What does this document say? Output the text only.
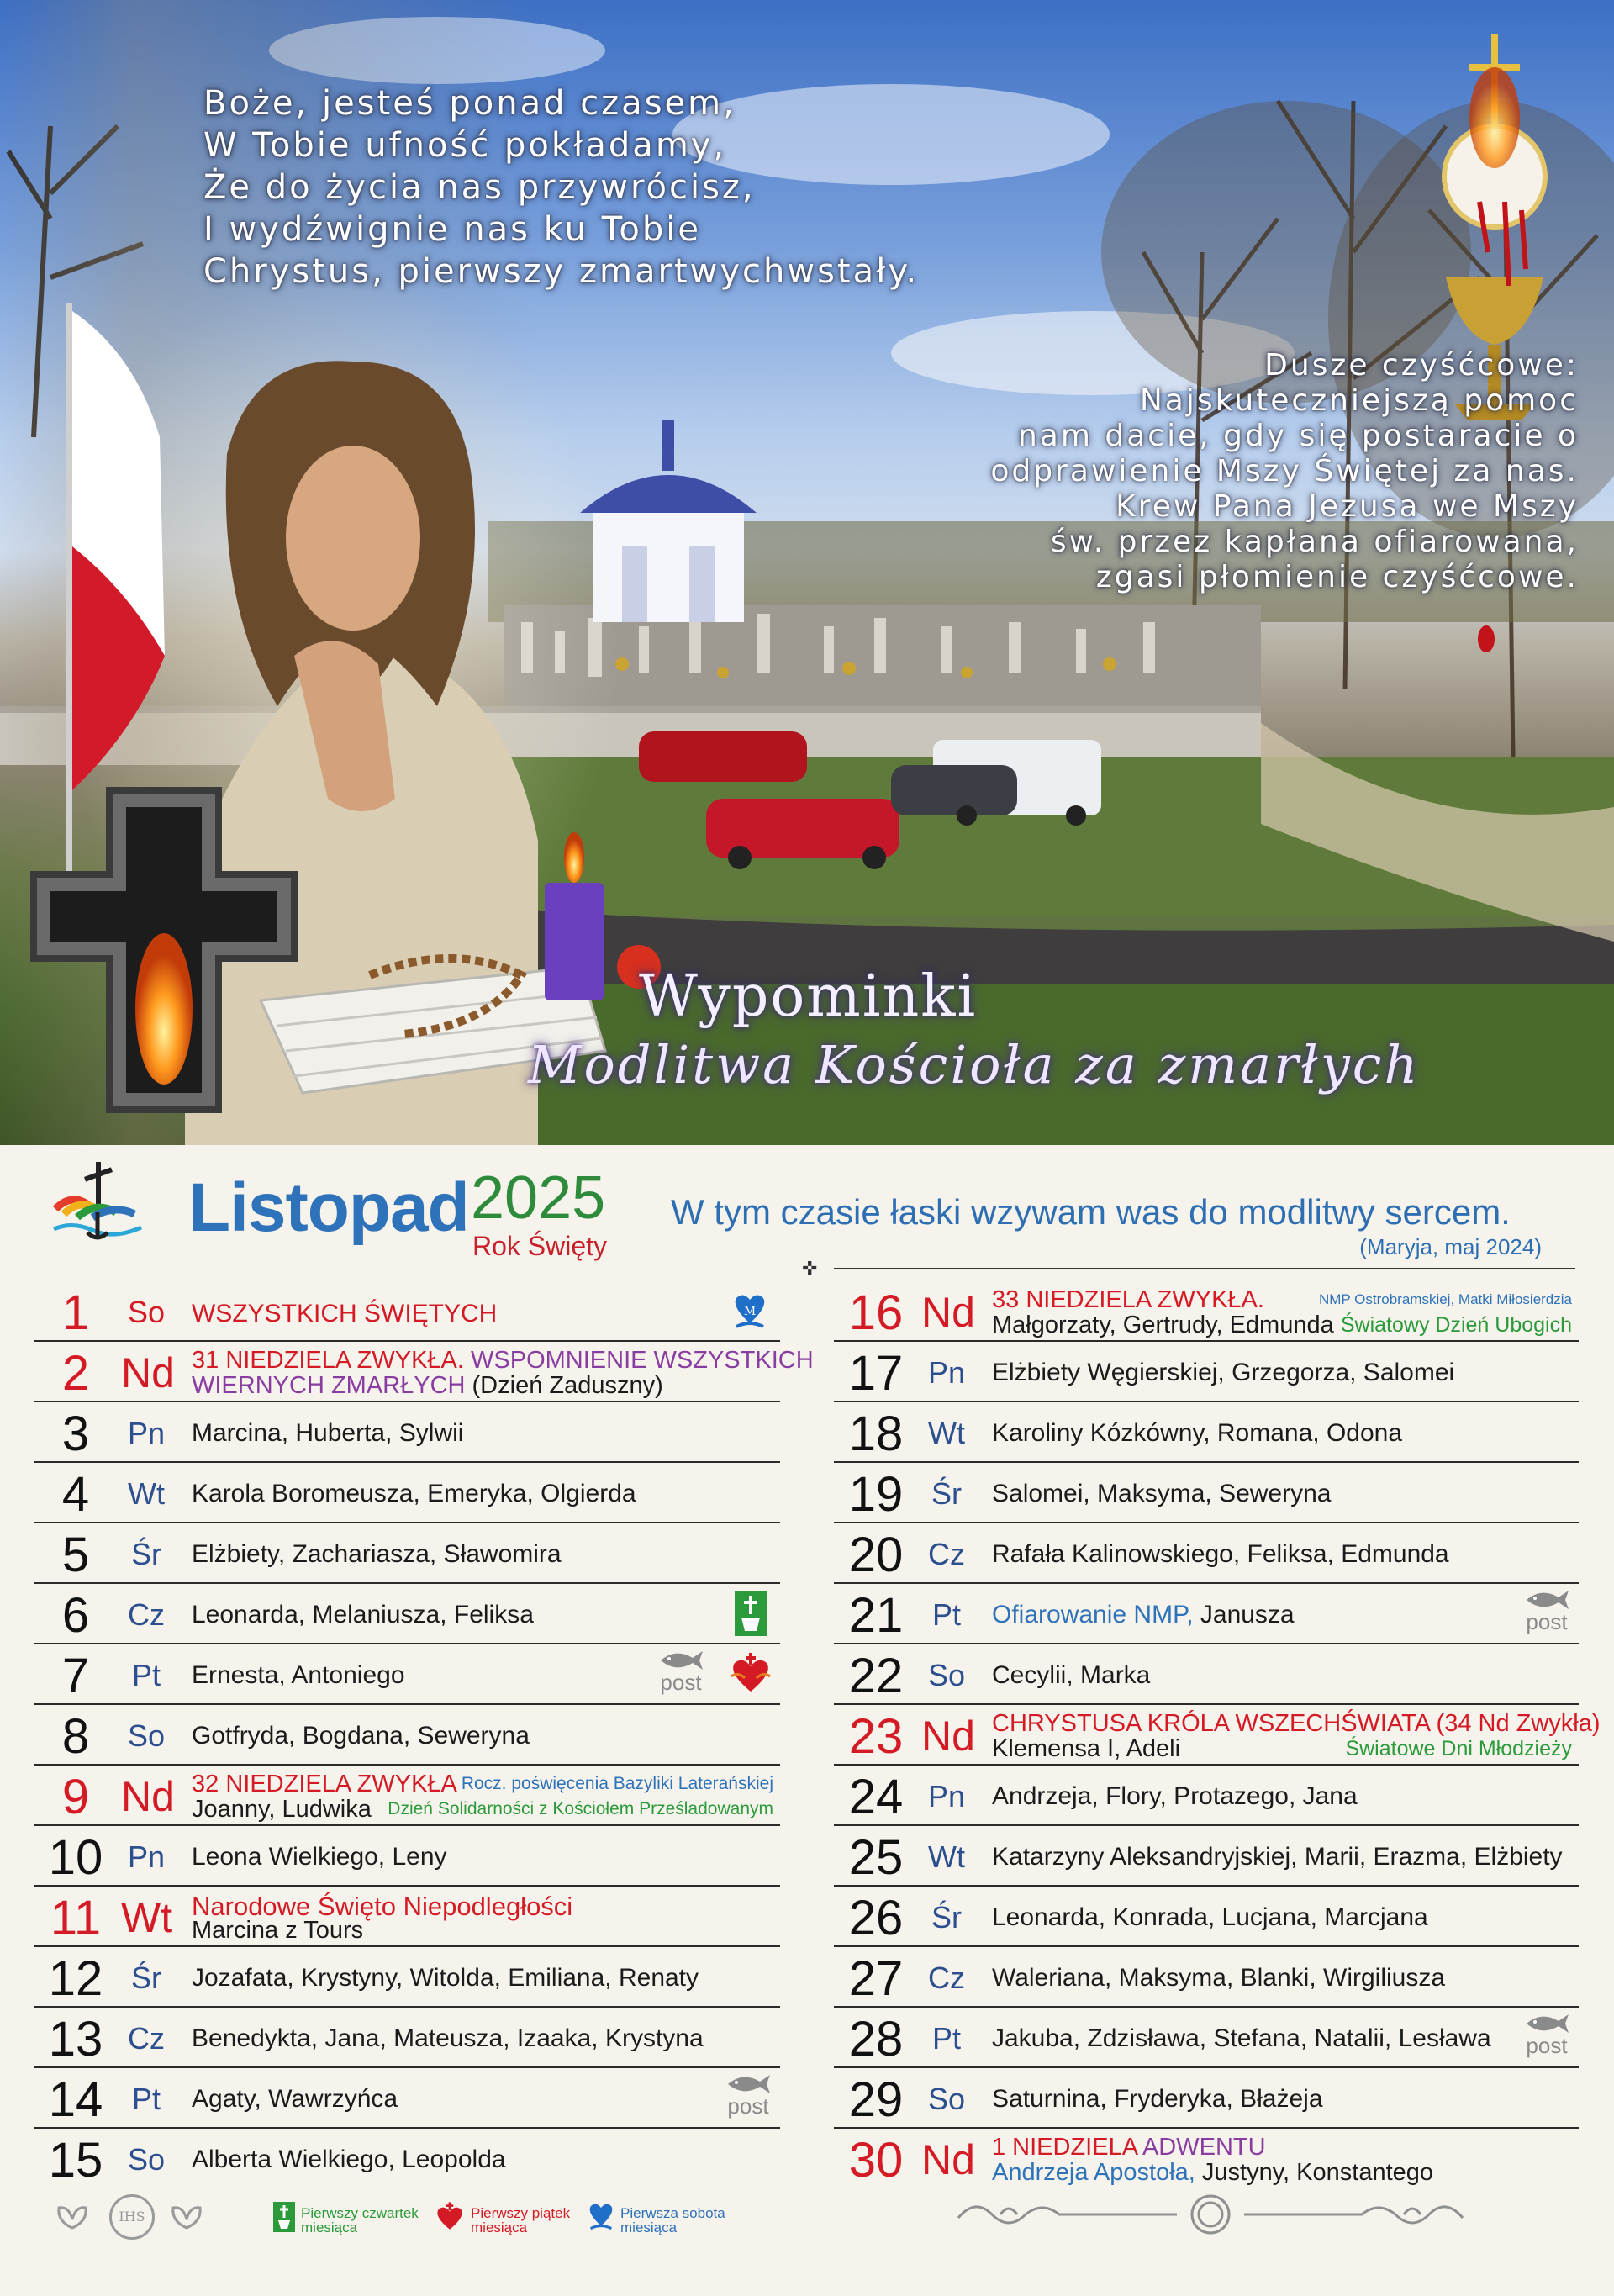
Boże, jesteś ponad czasem,
W Tobie ufność pokładamy,
Że do życia nas przywrócisz,
I wydźwignie nas ku Tobie
Chrystus, pierwszy zmartwychwstały.
Dusze czyśćcowe:
Najskuteczniejszą pomoc
nam dacie, gdy się postaracie o
odprawienie Mszy Świętej za nas.
Krew Pana Jezusa we Mszy
św. przez kapłana ofiarowana,
zgasi płomienie czyśćcowe.
Wypominki
Modlitwa Kościoła za zmarłych
Listopad 2025
Rok Święty
W tym czasie łaski wzywam was do modlitwy sercem.
(Maryja, maj 2024)
✜
1	So WSZYSTKICH ŚWIĘTYCH	M
2 Nd 31 NIEDZIELA ZWYKŁA. WSPOMNIENIE WSZYSTKICH
WIERNYCH ZMARŁYCH (Dzień Zaduszny)
3	Pn Marcina, Huberta, Sylwii
4	Wt Karola Boromeusza, Emeryka, Olgierda
5	Śr	Elżbiety, Zachariasza, Sławomira
6	Cz Leonarda, Melaniusza, Feliksa
7	Pt	Ernesta, Antoniego	post
8	So Gotfryda, Bogdana, Seweryna
9 Nd 32 NIEDZIELA ZWYKŁA
Joanny, Ludwika
Rocz. poświęcenia Bazyliki Laterańskiej
Dzień Solidarności z Kościołem Prześladowanym
10 Pn Leona Wielkiego, Leny
11 Wt Narodowe Święto Niepodległości
Marcina z Tours
12 Śr	Jozafata, Krystyny, Witolda, Emiliana, Renaty
13 Cz Benedykta, Jana, Mateusza, Izaaka, Krystyna
14 Pt	Agaty, Wawrzyńca	post
15 So Alberta Wielkiego, Leopolda
16 Nd 33 NIEDZIELA ZWYKŁA.
Małgorzaty, Gertrudy, Edmunda
NMP Ostrobramskiej, Matki Miłosierdzia
Światowy Dzień Ubogich
17 Pn Elżbiety Węgierskiej, Grzegorza, Salomei
18 Wt Karoliny Kózkówny, Romana, Odona
19 Śr	Salomei, Maksyma, Seweryna
20 Cz Rafała Kalinowskiego, Feliksa, Edmunda
21 Pt	Ofiarowanie NMP, Janusza	post
22 So Cecylii, Marka
23 Nd CHRYSTUSA KRÓLA WSZECHŚWIATA (34 Nd Zwykła)
Klemensa I, Adeli	Światowe Dni Młodzieży
24 Pn Andrzeja, Flory, Protazego, Jana
25 Wt Katarzyny Aleksandryjskiej, Marii, Erazma, Elżbiety
26 Śr	Leonarda, Konrada, Lucjana, Marcjana
27 Cz Waleriana, Maksyma, Blanki, Wirgiliusza
28 Pt	Jakuba, Zdzisława, Stefana, Natalii, Lesława post
29 So Saturnina, Fryderyka, Błażeja
30 Nd 1 NIEDZIELA ADWENTU
Andrzeja Apostoła, Justyny, Konstantego
IHS	Pierwszy czwartek
miesiąca
Pierwszy piątek
miesiąca
Pierwsza sobota
miesiąca
